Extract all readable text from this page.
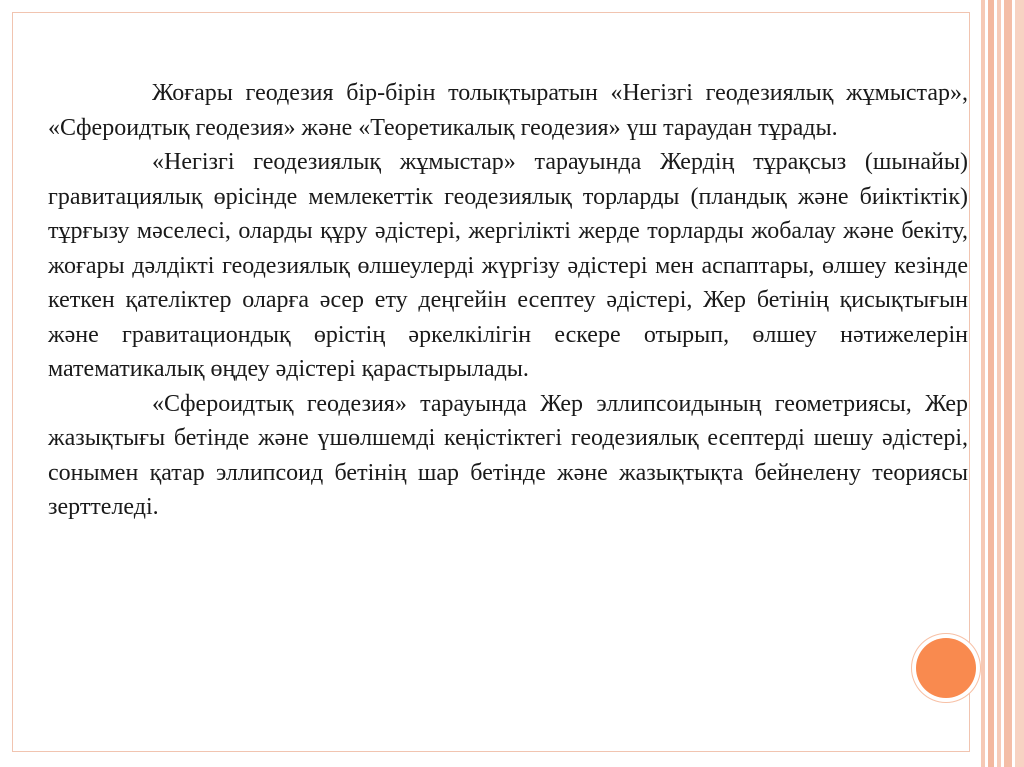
Жоғары геодезия бір-бірін толықтыратын «Негізгі геодезиялық жұмыстар», «Сфероидтық геодезия» және «Теоретикалық геодезия» үш тараудан тұрады.

«Негізгі геодезиялық жұмыстар» тарауында Жердің тұрақсыз (шынайы) гравитациялық өрісінде мемлекеттік геодезиялық торларды (пландық және биіктіктік) тұрғызу мәселесі, оларды құру әдістері, жергілікті жерде торларды жобалау және бекіту, жоғары дәлдікті геодезиялық өлшеулерді жүргізу әдістері мен аспаптары, өлшеу кезінде кеткен қателіктер оларға әсер ету деңгейін есептеу әдістері, Жер бетінің қисықтығын және гравитациондық өрістің әркелкілігін ескере отырып, өлшеу нәтижелерін математикалық өңдеу әдістері қарастырылады.

«Сфероидтық геодезия» тарауында Жер эллипсоидының геометриясы, Жер жазықтығы бетінде және үшөлшемді кеңістіктегі геодезиялық есептерді шешу әдістері, сонымен қатар эллипсоид бетінің шар бетінде және жазықтықта бейнелену теориясы зерттеледі.
